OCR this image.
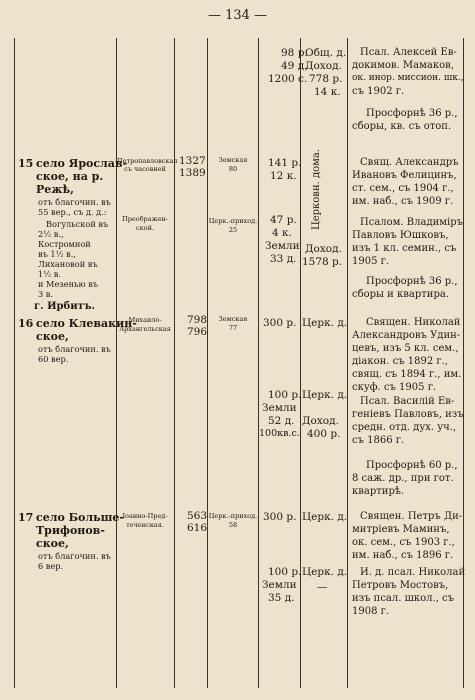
— 134 —
98 р.
49 д.
1200 с.
Общ. д.
Доход.
778 р.
14 к.
Псал. Алексей Ев-
докимов. Мамаков,
ок. инор. миссион. шк.,
съ 1902 г.
Просфорнѣ 36 р.,
сборы, кв. съ отоп.
15 село Ярослав-
ское, на р.
Режѣ,
отъ благочин. въ
55 вер., съ д. д.:
Вогульской въ
2½ в.,
Костромной
въ 1½ в.,
Лихановой въ
1½ в.
и Мезенью въ
3 в.
Петропавловская
съ часовней
Преображен-
ской.
1327
1389
Земская
80
Церк.-приход.
25
141 р.
12 к.
47 р.
4 к.
Земли
33 д.
Церковн. дома.
Доход.
1578 р.
Свящ. Александръ
Ивановъ Фелицинъ,
ст. сем., съ 1904 г.,
им. наб., съ 1909 г.
Псалом. Владимiръ
Павловъ Юшковъ,
изъ 1 кл. семин., съ
1905 г.
Просфорнѣ 36 р.,
сборы и квартира.
г. Ирбитъ.
16 село Клевакин-
ское,
отъ благочин. въ
60 вер.
Михаило-
Архангельская
798
796
Земская
77	300 р. Церк. д.
100 р.
Земли
52 д.
100кв.с.
Церк. д.
Доход.
400 р.
Священ. Николай
Александровъ Удин-
цевъ, изъ 5 кл. сем.,
дiакон. съ 1892 г.,
свящ. съ 1894 г., им.
скуф. съ 1905 г.
Псал. Василiй Ев-
генiевъ Павловъ, изъ
средн. отд. дух. уч.,
съ 1866 г.
Просфорнѣ 60 р.,
8 саж. др., при гот.
квартирѣ.
17 село Больше-
Трифонов-
ское,
отъ благочин. въ
6 вер.
Iоанно-Пред-
теченская.
563
616
Церк.-приход.
58
300 р. Церк. д.
100 р.
Земли
35 д.
Церк. д.
—
Священ. Петръ Ди-
митрiевъ Маминъ,
ок. сем., съ 1903 г.,
им. наб., съ 1896 г.
И. д. псал. Николай
Петровъ Мостовъ,
изъ псал. школ., съ
1908 г.
